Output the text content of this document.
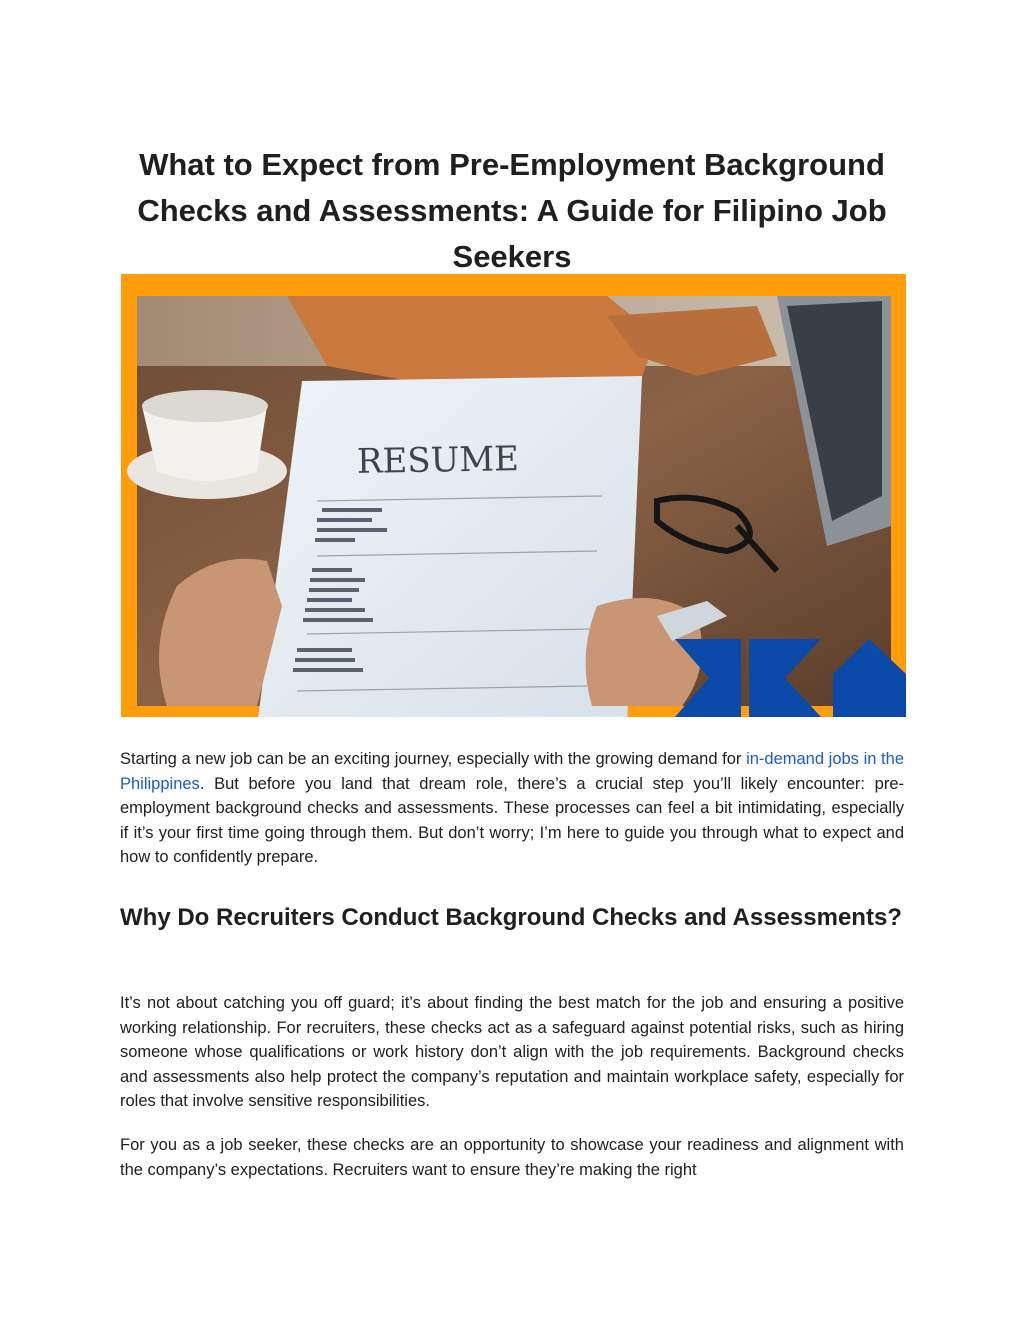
What to Expect from Pre-Employment Background Checks and Assessments: A Guide for Filipino Job Seekers
RESUME

Starting a new job can be an exciting journey, especially with the growing demand for in-demand jobs in the Philippines. But before you land that dream role, there’s a crucial step you’ll likely encounter: pre-employment background checks and assessments. These processes can feel a bit intimidating, especially if it’s your first time going through them. But don’t worry; I’m here to guide you through what to expect and how to confidently prepare.

Why Do Recruiters Conduct Background Checks and Assessments?

It’s not about catching you off guard; it’s about finding the best match for the job and ensuring a positive working relationship. For recruiters, these checks act as a safeguard against potential risks, such as hiring someone whose qualifications or work history don’t align with the job requirements. Background checks and assessments also help protect the company’s reputation and maintain workplace safety, especially for roles that involve sensitive responsibilities.

For you as a job seeker, these checks are an opportunity to showcase your readiness and alignment with the company’s expectations. Recruiters want to ensure they’re making the right
